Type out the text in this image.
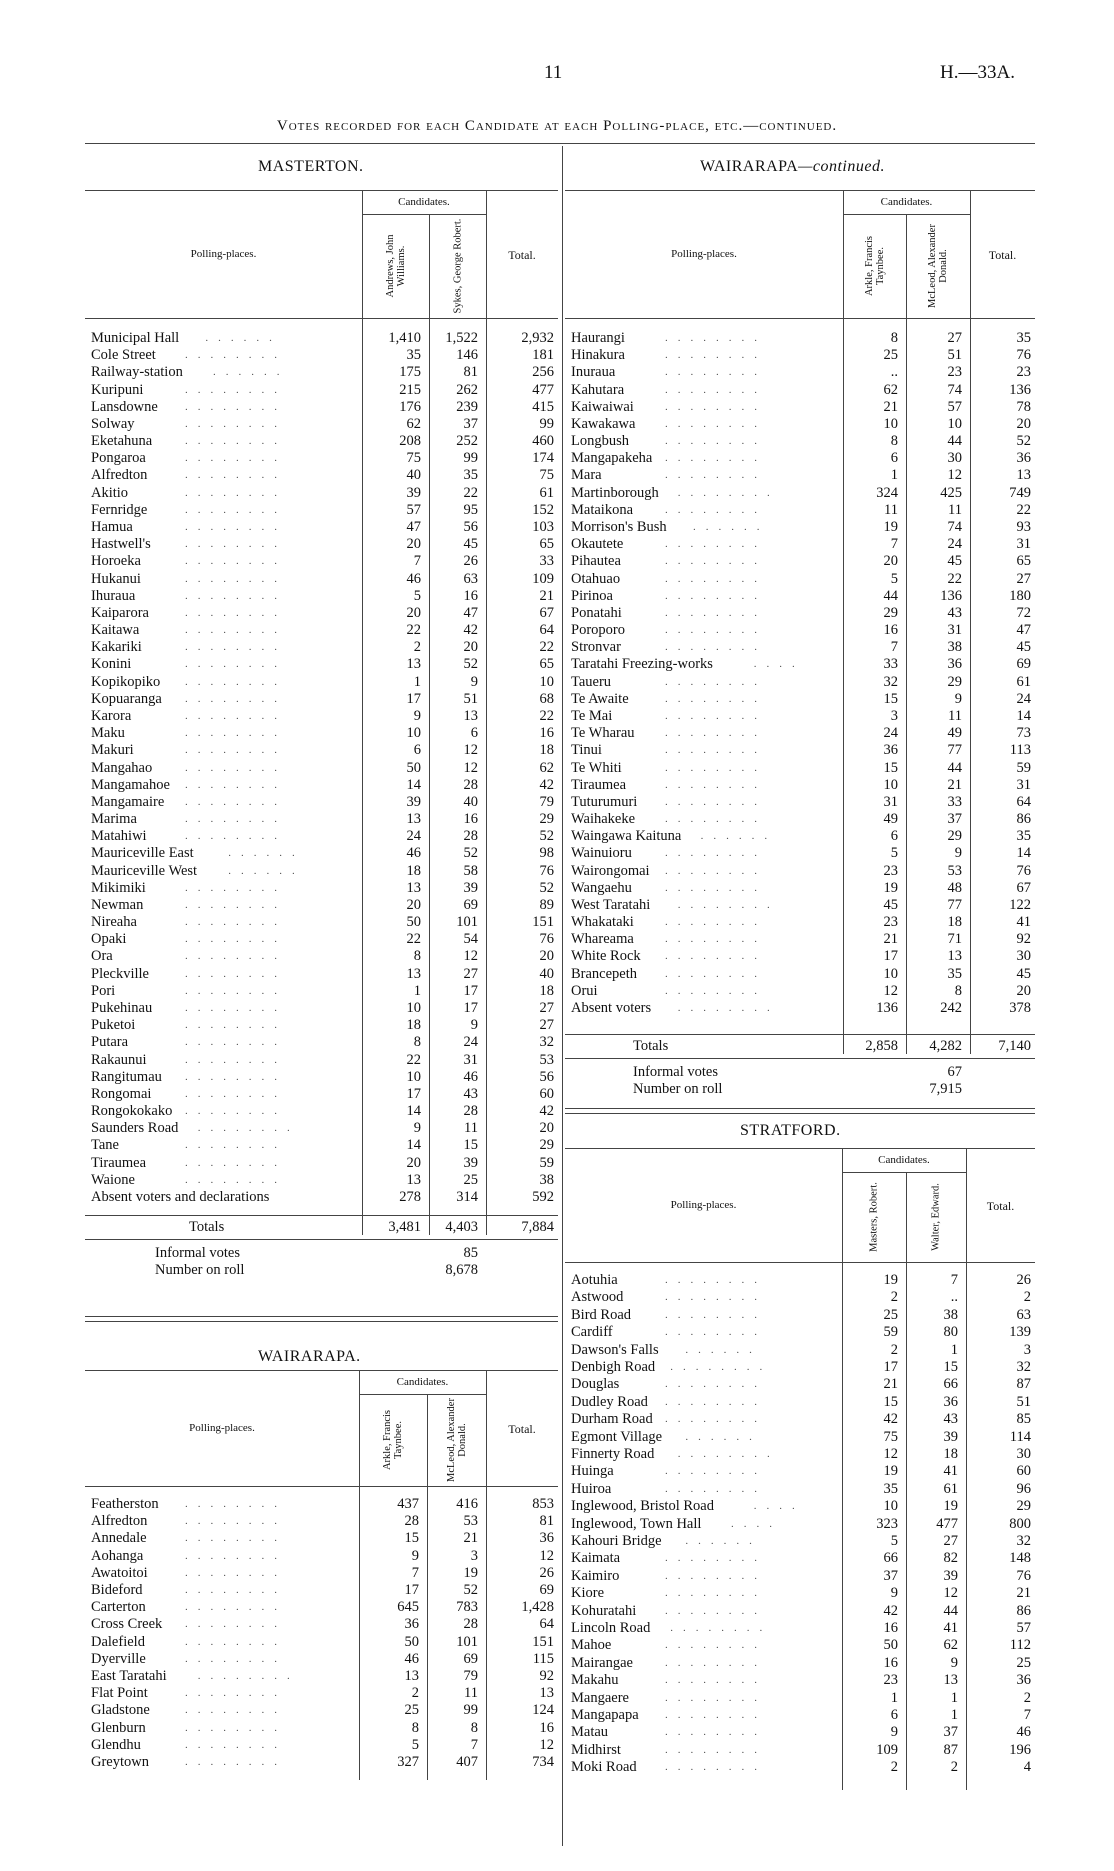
11	H.—33A.
Votes recorded for each Candidate at each Polling-place, etc.—continued.
MASTERTON.
Candidates.
Polling-places.	Total.
Andrews, John Williams.	Sykes, George Robert.
......
Municipal Hall	1,410	1,522	2,932
........
Cole Street	35	146	181
......
Railway-station	175	81	256
........
Kuripuni	215	262	477
........
Lansdowne	176	239	415
........
Solway	62	37	99
........
Eketahuna	208	252	460
........
Pongaroa	75	99	174
........
Alfredton	40	35	75
........
Akitio	39	22	61
........
Fernridge	57	95	152
........
Hamua	47	56	103
........
Hastwell's	20	45	65
........
Horoeka	7	26	33
........
Hukanui	46	63	109
........
Ihuraua	5	16	21
........
Kaiparora	20	47	67
........
Kaitawa	22	42	64
........
Kakariki	2	20	22
........
Konini	13	52	65
........
Kopikopiko	1	9	10
........
Kopuaranga	17	51	68
........
Karora	9	13	22
........
Maku	10	6	16
........
Makuri	6	12	18
........
Mangahao	50	12	62
........
Mangamahoe	14	28	42
........
Mangamaire	39	40	79
........
Marima	13	16	29
........
Matahiwi	24	28	52
......
Mauriceville East	46	52	98
......
Mauriceville West	18	58	76
........
Mikimiki	13	39	52
........
Newman	20	69	89
........
Nireaha	50	101	151
........
Opaki	22	54	76
........
Ora	8	12	20
........
Pleckville	13	27	40
........
Pori	1	17	18
........
Pukehinau	10	17	27
........
Puketoi	18	9	27
........
Putara	8	24	32
........
Rakaunui	22	31	53
........
Rangitumau	10	46	56
........
Rongomai	17	43	60
........
Rongokokako	14	28	42
........
Saunders Road	9	11	20
........
Tane	14	15	29
........
Tiraumea	20	39	59
........
Waione	13	25	38
Absent voters and declarations	278	314	592
Totals	3,481	4,403	7,884
Informal votes	85
Number on roll	8,678
WAIRARAPA—continued.
Candidates.
Polling-places.	Total.
Arkle, Francis Taynbee.	McLeod, Alexander Donald.
........
Haurangi	8	27	35
........
Hinakura	25	51	76
........
Inuraua	..	23	23
........
Kahutara	62	74	136
........
Kaiwaiwai	21	57	78
........
Kawakawa	10	10	20
........
Longbush	8	44	52
........
Mangapakeha	6	30	36
........
Mara	1	12	13
........
Martinborough	324	425	749
........
Mataikona	11	11	22
......
Morrison's Bush	19	74	93
........
Okautete	7	24	31
........
Pihautea	20	45	65
........
Otahuao	5	22	27
........
Pirinoa	44	136	180
........
Ponatahi	29	43	72
........
Poroporo	16	31	47
........
Stronvar	7	38	45
....
Taratahi Freezing-works	33	36	69
........
Taueru	32	29	61
........
Te Awaite	15	9	24
........
Te Mai	3	11	14
........
Te Wharau	24	49	73
........
Tinui	36	77	113
........
Te Whiti	15	44	59
........
Tiraumea	10	21	31
........
Tuturumuri	31	33	64
........
Waihakeke	49	37	86
......
Waingawa Kaituna	6	29	35
........
Wainuioru	5	9	14
........
Wairongomai	23	53	76
........
Wangaehu	19	48	67
........
West Taratahi	45	77	122
........
Whakataki	23	18	41
........
Whareama	21	71	92
........
White Rock	17	13	30
........
Brancepeth	10	35	45
........
Orui	12	8	20
........
Absent voters	136	242	378
Totals	2,858	4,282	7,140
Informal votes	67
Number on roll	7,915
WAIRARAPA.
Candidates.
Polling-places.	Total.
Arkle, Francis Taynbee.	McLeod, Alexander Donald.
........
Featherston	437	416	853
........
Alfredton	28	53	81
........
Annedale	15	21	36
........
Aohanga	9	3	12
........
Awatoitoi	7	19	26
........
Bideford	17	52	69
........
Carterton	645	783	1,428
........
Cross Creek	36	28	64
........
Dalefield	50	101	151
........
Dyerville	46	69	115
........
East Taratahi	13	79	92
........
Flat Point	2	11	13
........
Gladstone	25	99	124
........
Glenburn	8	8	16
........
Glendhu	5	7	12
........
Greytown	327	407	734
STRATFORD.
Candidates.
Polling-places.	Total.
Masters, Robert.	Walter, Edward.
........
Aotuhia	19	7	26
........
Astwood	2	..	2
........
Bird Road	25	38	63
........
Cardiff	59	80	139
......
Dawson's Falls	2	1	3
........
Denbigh Road	17	15	32
........
Douglas	21	66	87
........
Dudley Road	15	36	51
........
Durham Road	42	43	85
......
Egmont Village	75	39	114
........
Finnerty Road	12	18	30
........
Huinga	19	41	60
........
Huiroa	35	61	96
....
Inglewood, Bristol Road	10	19	29
....
Inglewood, Town Hall	323	477	800
......
Kahouri Bridge	5	27	32
........
Kaimata	66	82	148
........
Kaimiro	37	39	76
........
Kiore	9	12	21
........
Kohuratahi	42	44	86
........
Lincoln Road	16	41	57
........
Mahoe	50	62	112
........
Mairangae	16	9	25
........
Makahu	23	13	36
........
Mangaere	1	1	2
........
Mangapapa	6	1	7
........
Matau	9	37	46
........
Midhirst	109	87	196
........
Moki Road	2	2	4
